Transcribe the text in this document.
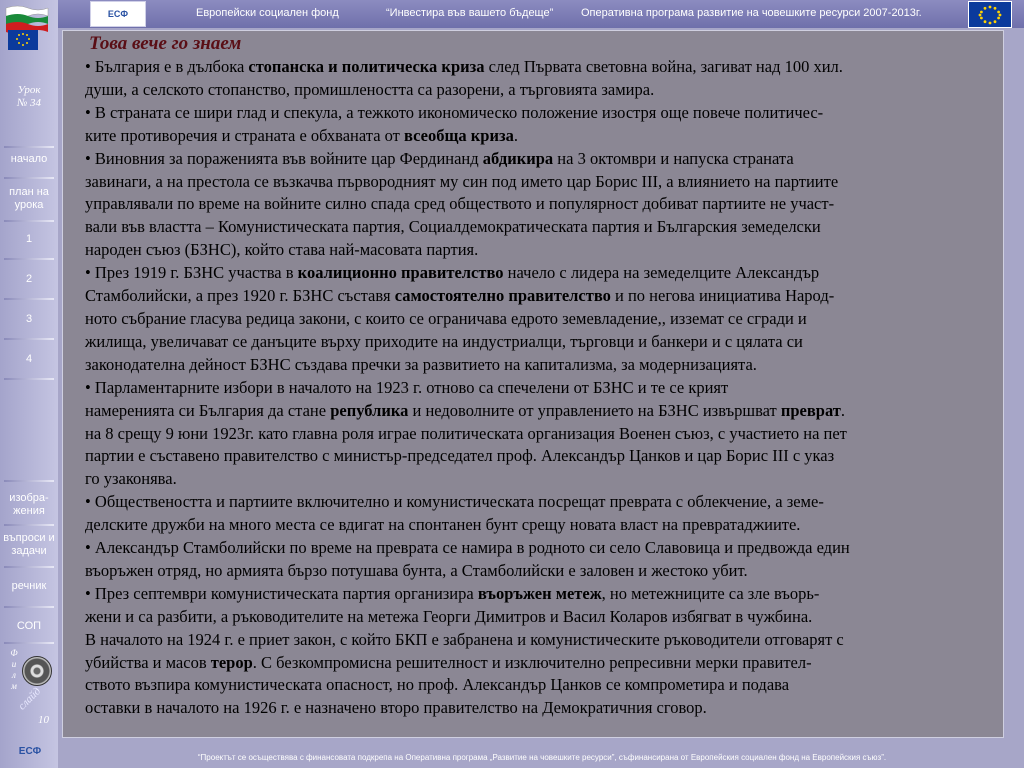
ЕСФ	Европейски социален фонд	“Инвестира във вашето бъдеще”	Оперативна програма развитие на човешките ресурси 2007-2013г.
Урок
№ 34
начало
план на урока
1
2
3
4
изобра-жения
въпроси и задачи
речник
СОП
Ф
и
л
м слайд
10
ЕСФ
Това вече го знаем

• България е в дълбока стопанска и политическа криза след Първата световна война, загиват над 100 хил.

души, а селското стопанство, промишлеността са разорени, а търговията замира.

• В страната се шири глад и спекула, а тежкото икономическо положение изостря още повече политичес-

ките противоречия и страната е обхваната от всеобща криза.

• Виновния за пораженията във войните цар Фердинанд абдикира на 3 октомври и напуска страната

завинаги, а на престола се възкачва първородният му син под името цар Борис III, а влиянието на партиите

управлявали по време на войните силно спада сред обществото и популярност добиват партиите не участ-

вали във властта – Комунистическата партия, Социалдемократическата партия и Българския земеделски

народен съюз (БЗНС), който става най-масовата партия.

• През 1919 г. БЗНС участва в коалиционно правителство начело с лидера на земеделците Александър

Стамболийски, а през 1920 г. БЗНС съставя самостоятелно правителство и по негова инициатива Народ-

ното събрание гласува редица закони, с които се ограничава едрото земевладение,, изземат се сгради и

жилища, увеличават се данъците върху приходите на индустриалци, търговци и банкери и с цялата си

законодателна дейност БЗНС създава пречки за развитието на капитализма, за модернизацията.

• Парламентарните избори в началото на 1923 г. отново са спечелени от БЗНС и те се крият

намеренията си България да стане република и недоволните от управлението на БЗНС извършват преврат.

на 8 срещу 9 юни 1923г. като главна роля играе политическата организация Военен съюз, с участието на пет

партии е съставено правителство с министър-председател проф. Александър Цанков и цар Борис III с указ

го узаконява.

• Обществеността и партиите включително и комунистическата посрещат преврата с облекчение, а земе-

делските дружби на много места се вдигат на спонтанен бунт срещу новата власт на превратаджиите.

• Александър Стамболийски по време на преврата се намира в родното си село Славовица и предвожда един

въоръжен отряд, но армията бързо потушава бунта, а Стамболийски е заловен и жестоко убит.

• През септември комунистическата партия организира въоръжен метеж, но метежниците са зле въорь-

жени и са разбити, а ръководителите на метежа Георги Димитров и Васил Коларов избягват в чужбина.

В началото на 1924 г. е приет закон, с който БКП е забранена и комунистическите ръководители отговарят с

убийства и масов терор. С безкомпромисна решителност и изключително репресивни мерки правител-

ството възпира комунистическата опасност, но проф. Александър Цанков се компрометира и подава

оставки в началото на 1926 г. е назначено второ правителство на Демократичния сговор.

“Проектът се осъществява с финансовата подкрепа на Оперативна програма „Развитие на човешките ресурси”, съфинансирана от Европейския социален фонд на Европейския съюз”.
